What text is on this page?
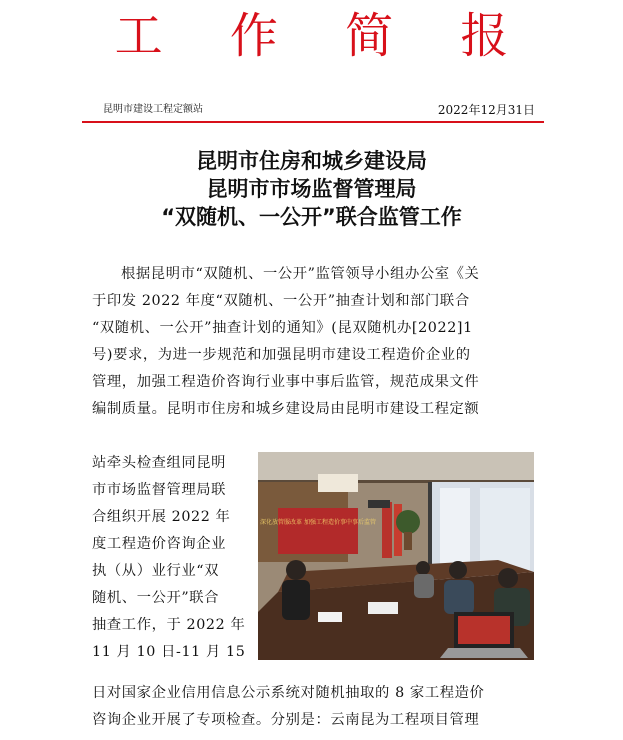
工 作 简 报
昆明市建设工程定额站	2022年12月31日
昆明市住房和城乡建设局
昆明市市场监督管理局
“双随机、一公开”联合监管工作
根据昆明市“双随机、一公开”监管领导小组办公室《关
于印发 2022 年度“双随机、一公开”抽查计划和部门联合
“双随机、一公开”抽查计划的通知》(昆双随机办[2022]1
号)要求，为进一步规范和加强昆明市建设工程造价企业的
管理，加强工程造价咨询行业事中事后监管，规范成果文件
编制质量。昆明市住房和城乡建设局由昆明市建设工程定额
站牵头检查组同昆明
市市场监督管理局联
合组织开展 2022 年
度工程造价咨询企业
执（从）业行业“双
随机、一公开”联合
抽查工作，于 2022 年
11 月 10 日-11 月 15
深化放管服改革 加强工程造价事中事后监管
日对国家企业信用信息公示系统对随机抽取的 8 家工程造价
咨询企业开展了专项检查。分别是：云南昆为工程项目管理
